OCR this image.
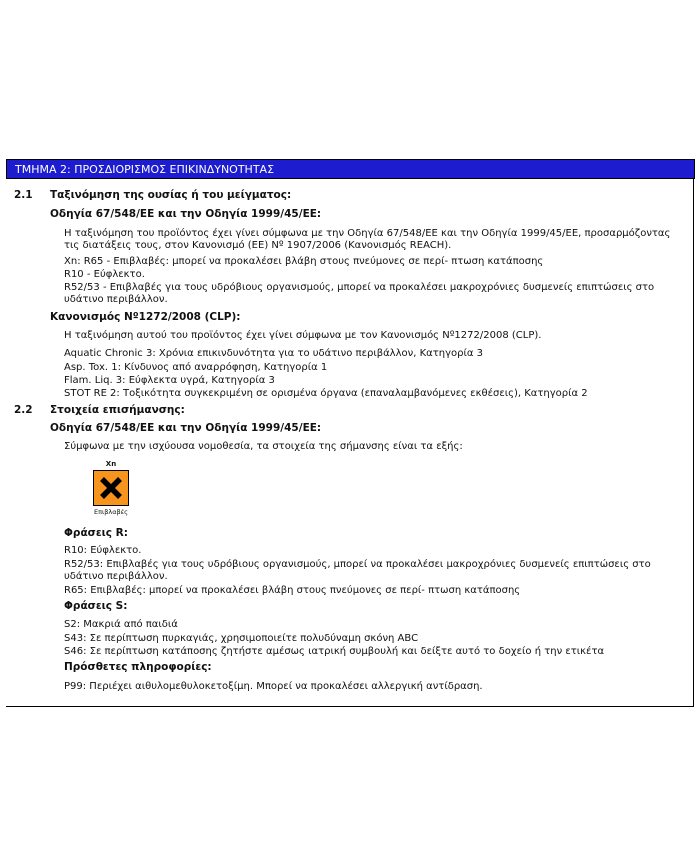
ΤΜΗΜΑ 2: ΠΡΟΣΔΙΟΡΙΣΜΟΣ ΕΠΙΚΙΝΔΥΝΟΤΗΤΑΣ
2.1 Ταξινόμηση της ουσίας ή του μείγματος:
Οδηγία 67/548/ΕΕ και την Οδηγία 1999/45/ΕΕ:
Η ταξινόμηση του προϊόντος έχει γίνει σύμφωνα με την Οδηγία 67/548/ΕΕ και την Οδηγία 1999/45/ΕΕ, προσαρμόζοντας τις διατάξεις τους, στον Κανονισμό (ΕΕ) Nº 1907/2006 (Κανονισμός REACH).
Xn: R65 - Επιβλαβές: μπορεί να προκαλέσει βλάβη στους πνεύμονες σε περί- πτωση κατάποσης
R10 - Εύφλεκτο.
R52/53 - Επιβλαβές για τους υδρόβιους οργανισμούς, μπορεί να προκαλέσει μακροχρόνιες δυσμενείς επιπτώσεις στο υδάτινο περιβάλλον.
Κανονισμός Nº1272/2008 (CLP):
Η ταξινόμηση αυτού του προϊόντος έχει γίνει σύμφωνα με τον Κανονισμός Nº1272/2008 (CLP).
Aquatic Chronic 3: Χρόνια επικινδυνότητα για το υδάτινο περιβάλλον, Κατηγορία 3
Asp. Tox. 1: Κίνδυνος από αναρρόφηση, Κατηγορία 1
Flam. Liq. 3: Εύφλεκτα υγρά, Κατηγορία 3
STOT RE 2: Τοξικότητα συγκεκριμένη σε ορισμένα όργανα (επαναλαμβανόμενες εκθέσεις), Κατηγορία 2
2.2 Στοιχεία επισήμανσης:
Οδηγία 67/548/ΕΕ και την Οδηγία 1999/45/ΕΕ:
Σύμφωνα με την ισχύουσα νομοθεσία, τα στοιχεία της σήμανσης είναι τα εξής:
Xn
Επιβλαβές
Φράσεις R:
R10: Εύφλεκτο.
R52/53: Επιβλαβές για τους υδρόβιους οργανισμούς, μπορεί να προκαλέσει μακροχρόνιες δυσμενείς επιπτώσεις στο υδάτινο περιβάλλον.
R65: Επιβλαβές: μπορεί να προκαλέσει βλάβη στους πνεύμονες σε περί- πτωση κατάποσης
Φράσεις S:
S2: Μακριά από παιδιά
S43: Σε περίπτωση πυρκαγιάς, χρησιμοποιείτε πολυδύναμη σκόνη ABC
S46: Σε περίπτωση κατάποσης ζητήστε αμέσως ιατρική συμβουλή και δείξτε αυτό το δοχείο ή την ετικέτα
Πρόσθετες πληροφορίες:
P99: Περιέχει αιθυλομεθυλοκετοξίμη. Μπορεί να προκαλέσει αλλεργική αντίδραση.
